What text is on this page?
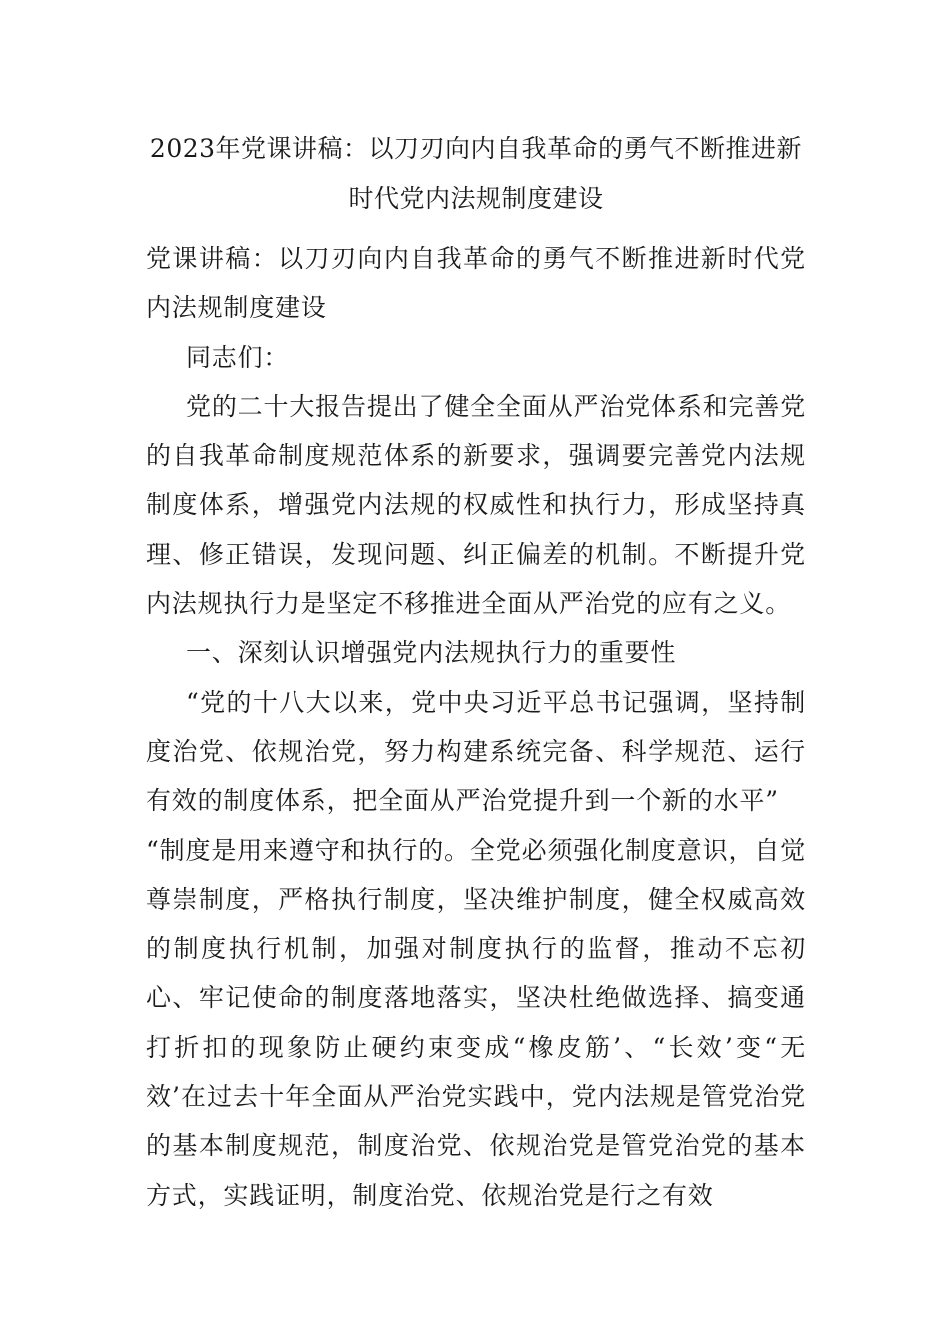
2023年党课讲稿：以刀刃向内自我革命的勇气不断推进新
时代党内法规制度建设

党课讲稿：以刀刃向内自我革命的勇气不断推进新时代党内法规制度建设

同志们：

党的二十大报告提出了健全全面从严治党体系和完善党的自我革命制度规范体系的新要求，强调要完善党内法规制度体系，增强党内法规的权威性和执行力，形成坚持真理、修正错误，发现问题、纠正偏差的机制。不断提升党内法规执行力是坚定不移推进全面从严治党的应有之义。

一、深刻认识增强党内法规执行力的重要性

“党的十八大以来，党中央习近平总书记强调，坚持制度治党、依规治党，努力构建系统完备、科学规范、运行有效的制度体系，把全面从严治党提升到一个新的水平”

“制度是用来遵守和执行的。全党必须强化制度意识，自觉尊崇制度，严格执行制度，坚决维护制度，健全权威高效的制度执行机制，加强对制度执行的监督，推动不忘初心、牢记使命的制度落地落实，坚决杜绝做选择、搞变通打折扣的现象防止硬约束变成“橡皮筋’、“长效’变“无效’在过去十年全面从严治党实践中，党内法规是管党治党的基本制度规范，制度治党、依规治党是管党治党的基本方式，实践证明，制度治党、依规治党是行之有效
